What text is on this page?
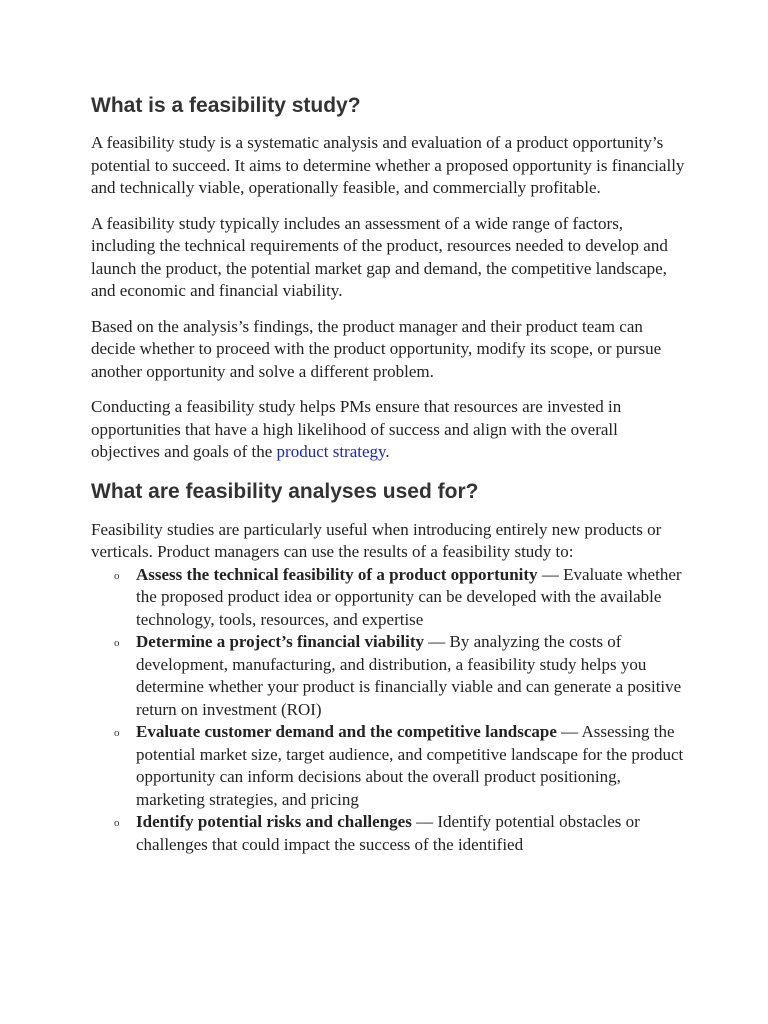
What is a feasibility study?

A feasibility study is a systematic analysis and evaluation of a product opportunity’s potential to succeed. It aims to determine whether a proposed opportunity is financially and technically viable, operationally feasible, and commercially profitable.

A feasibility study typically includes an assessment of a wide range of factors, including the technical requirements of the product, resources needed to develop and launch the product, the potential market gap and demand, the competitive landscape, and economic and financial viability.

Based on the analysis’s findings, the product manager and their product team can decide whether to proceed with the product opportunity, modify its scope, or pursue another opportunity and solve a different problem.

Conducting a feasibility study helps PMs ensure that resources are invested in opportunities that have a high likelihood of success and align with the overall objectives and goals of the product strategy.

What are feasibility analyses used for?

Feasibility studies are particularly useful when introducing entirely new products or verticals. Product managers can use the results of a feasibility study to:

o Assess the technical feasibility of a product opportunity — Evaluate whether the proposed product idea or opportunity can be developed with the available technology, tools, resources, and expertise
o Determine a project’s financial viability — By analyzing the costs of development, manufacturing, and distribution, a feasibility study helps you determine whether your product is financially viable and can generate a positive return on investment (ROI)
o Evaluate customer demand and the competitive landscape — Assessing the potential market size, target audience, and competitive landscape for the product opportunity can inform decisions about the overall product positioning, marketing strategies, and pricing
o Identify potential risks and challenges — Identify potential obstacles or challenges that could impact the success of the identified
